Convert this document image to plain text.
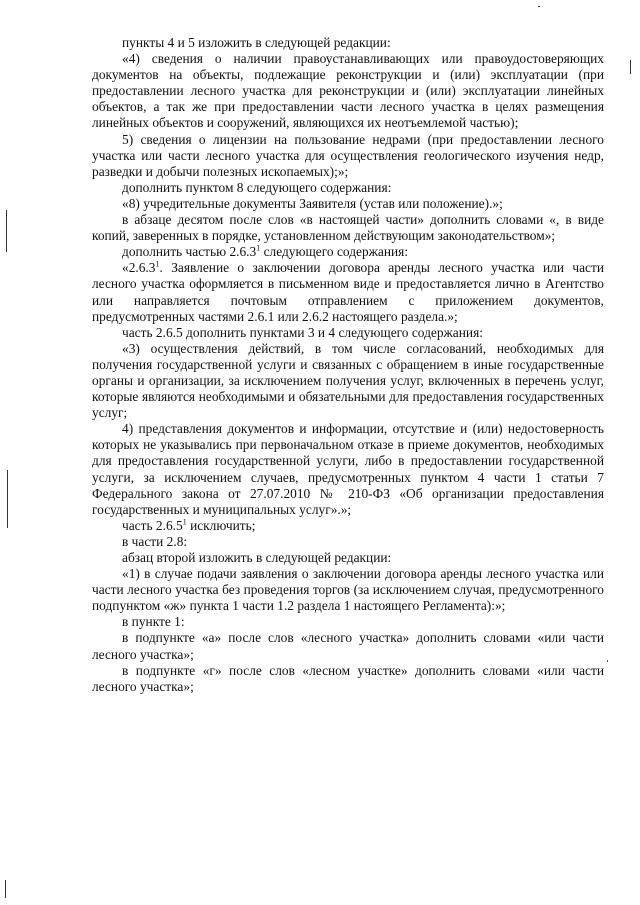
пункты 4 и 5 изложить в следующей редакции:

«4) сведения о наличии правоустанавливающих или правоудостоверяющих документов на объекты, подлежащие реконструкции и (или) эксплуатации (при предоставлении лесного участка для реконструкции и (или) эксплуатации линейных объектов, а так же при предоставлении части лесного участка в целях размещения линейных объектов и сооружений, являющихся их неотъемлемой частью);

5) сведения о лицензии на пользование недрами (при предоставлении лесного участка или части лесного участка для осуществления геологического изучения недр, разведки и добычи полезных ископаемых);»;

дополнить пунктом 8 следующего содержания:

«8) учредительные документы Заявителя (устав или положение).»;

в абзаце десятом после слов «в настоящей части» дополнить словами «, в виде копий, заверенных в порядке, установленном действующим законодательством»;

дополнить частью 2.6.3$^1$ следующего содержания:

«2.6.3$^1$. Заявление о заключении договора аренды лесного участка или части лесного участка оформляется в письменном виде и предоставляется лично в Агентство или направляется почтовым отправлением с приложением документов, предусмотренных частями 2.6.1 или 2.6.2 настоящего раздела.»;

часть 2.6.5 дополнить пунктами 3 и 4 следующего содержания:

«3) осуществления действий, в том числе согласований, необходимых для получения государственной услуги и связанных с обращением в иные государственные органы и организации, за исключением получения услуг, включенных в перечень услуг, которые являются необходимыми и обязательными для предоставления государственных услуг;

4) представления документов и информации, отсутствие и (или) недостоверность которых не указывались при первоначальном отказе в приеме документов, необходимых для предоставления государственной услуги, либо в предоставлении государственной услуги, за исключением случаев, предусмотренных пунктом 4 части 1 статьи 7 Федерального закона от 27.07.2010 № 210-ФЗ «Об организации предоставления государственных и муниципальных услуг».»;

часть 2.6.5$^1$ исключить;

в части 2.8:

абзац второй изложить в следующей редакции:

«1) в случае подачи заявления о заключении договора аренды лесного участка или части лесного участка без проведения торгов (за исключением случая, предусмотренного подпунктом «ж» пункта 1 части 1.2 раздела 1 настоящего Регламента):»;

в пункте 1:

в подпункте «а» после слов «лесного участка» дополнить словами «или части лесного участка»;

в подпункте «г» после слов «лесном участке» дополнить словами «или части лесного участка»;
